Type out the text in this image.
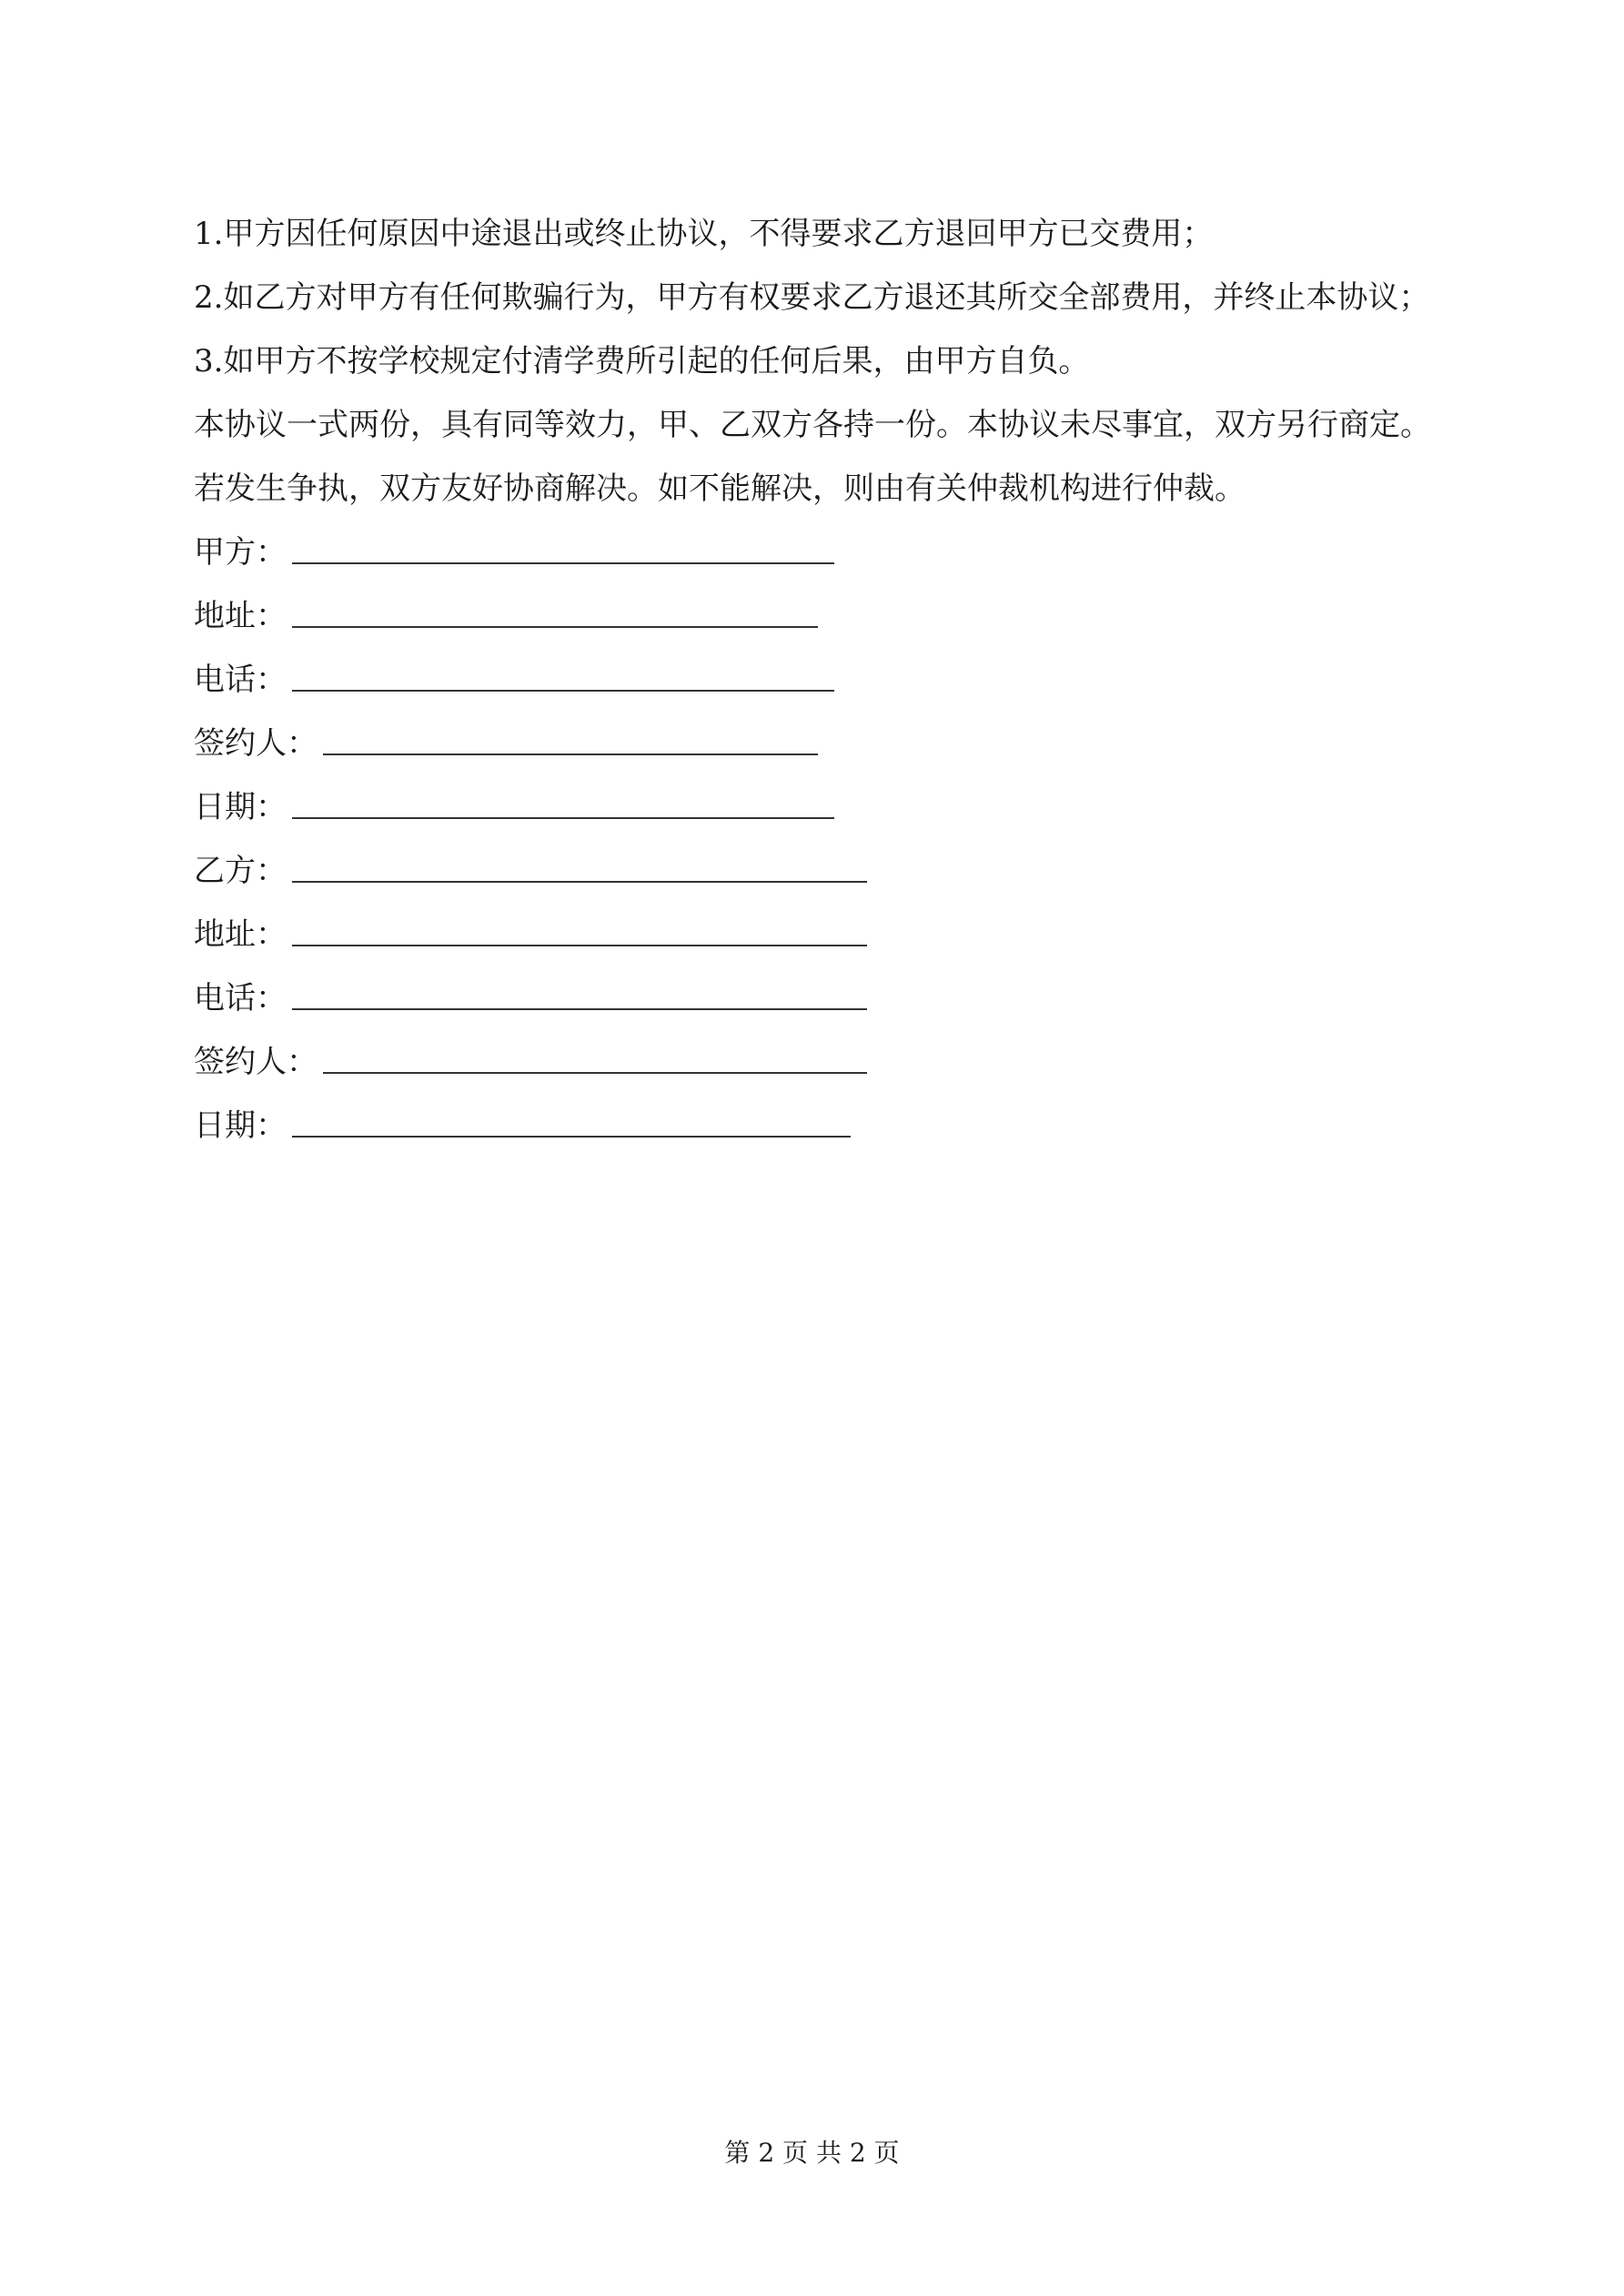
1.甲方因任何原因中途退出或终止协议，不得要求乙方退回甲方已交费用；

2.如乙方对甲方有任何欺骗行为，甲方有权要求乙方退还其所交全部费用，并终止本协议；

3.如甲方不按学校规定付清学费所引起的任何后果，由甲方自负。

本协议一式两份，具有同等效力，甲、乙双方各持一份。本协议未尽事宜，双方另行商定。若发生争执，双方友好协商解决。如不能解决，则由有关仲裁机构进行仲裁。

甲方：
地址：
电话：
签约人：
日期：
乙方：
地址：
电话：
签约人：
日期：
第 2 页 共 2 页
